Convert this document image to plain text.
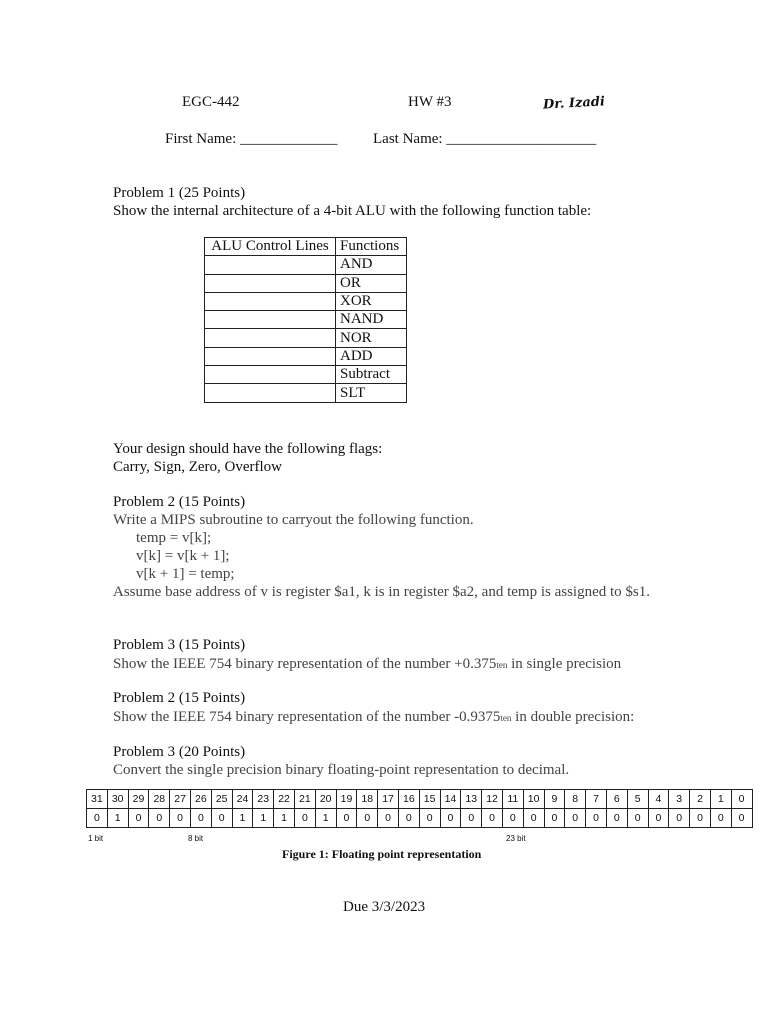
EGC-442	HW #3	Dr. Izadi
First Name: _____________ Last Name: ____________________
Problem 1 (25 Points)
Show the internal architecture of a 4-bit ALU with the following function table:
ALU Control Lines	Functions
	AND
	OR
	XOR
	NAND
	NOR
	ADD
	Subtract
	SLT
Your design should have the following flags:
Carry, Sign, Zero, Overflow
Problem 2 (15 Points)
Write a MIPS subroutine to carryout the following function.
temp = v[k];
v[k] = v[k + 1];
v[k + 1] = temp;
Assume base address of v is register $a1, k is in register $a2, and temp is assigned to $s1.
Problem 3 (15 Points)
Show the IEEE 754 binary representation of the number +0.375ten in single precision
Problem 2 (15 Points)
Show the IEEE 754 binary representation of the number -0.9375ten in double precision:
Problem 3 (20 Points)
Convert the single precision binary floating-point representation to decimal.
31	30	29	28	27	26	25	24	23	22	21	20	19	18	17	16	15	14	13	12	11	10	9	8	7	6	5	4	3	2	1	0
0	1	0	0	0	0	0	1	1	1	0	1	0	0	0	0	0	0	0	0	0	0	0	0	0	0	0	0	0	0	0	0
1 bit	8 bit	23 bit
Figure 1: Floating point representation
Due 3/3/2023
